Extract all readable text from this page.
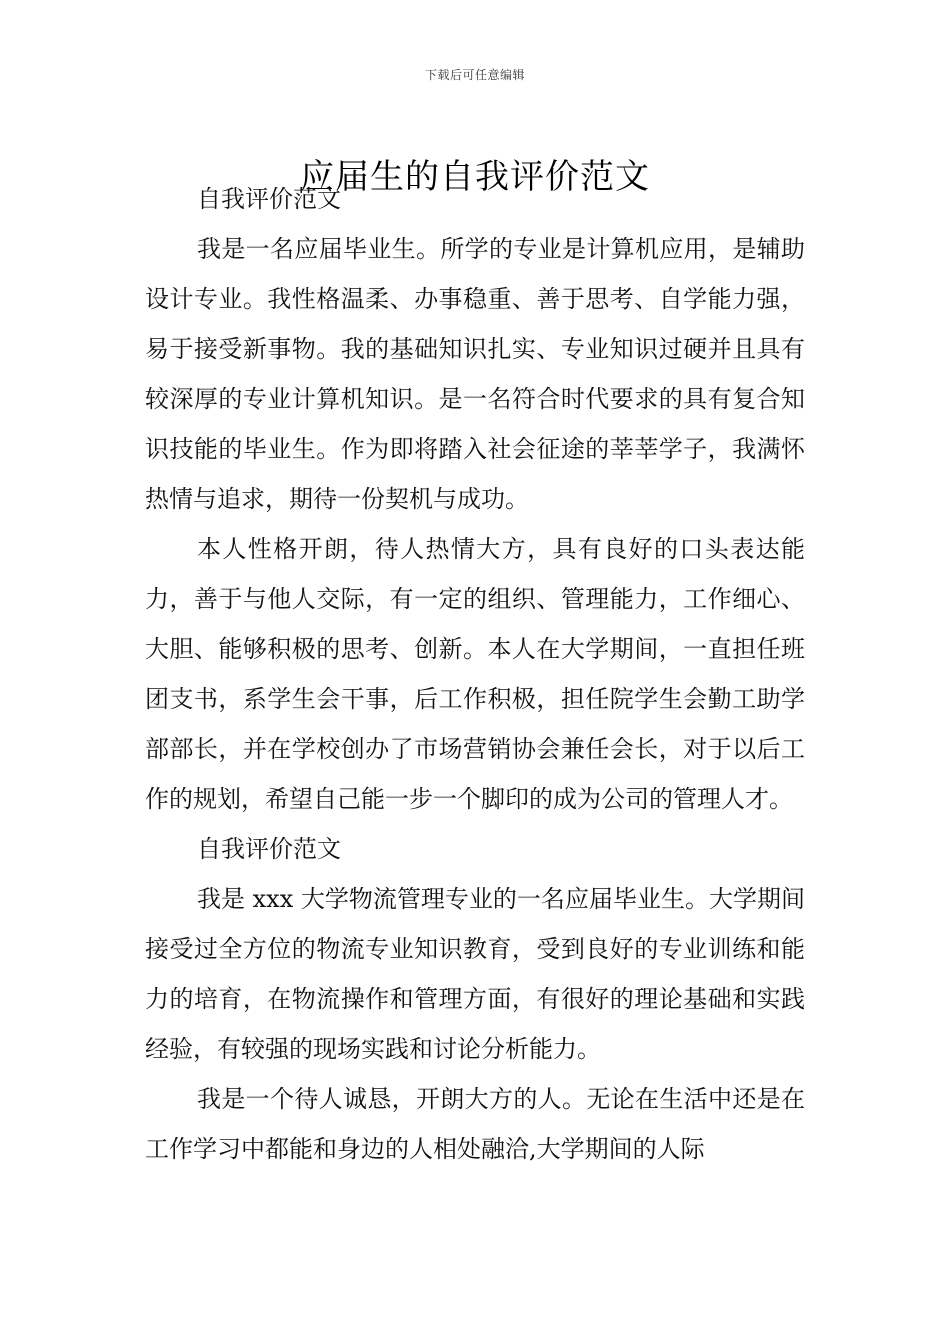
下载后可任意编辑
应届生的自我评价范文

自我评价范文

我是一名应届毕业生。所学的专业是计算机应用，是辅助设计专业。我性格温柔、办事稳重、善于思考、自学能力强，易于接受新事物。我的基础知识扎实、专业知识过硬并且具有较深厚的专业计算机知识。是一名符合时代要求的具有复合知识技能的毕业生。作为即将踏入社会征途的莘莘学子，我满怀热情与追求，期待一份契机与成功。

本人性格开朗，待人热情大方，具有良好的口头表达能力，善于与他人交际，有一定的组织、管理能力，工作细心、大胆、能够积极的思考、创新。本人在大学期间，一直担任班团支书，系学生会干事，后工作积极，担任院学生会勤工助学部部长，并在学校创办了市场营销协会兼任会长，对于以后工作的规划，希望自己能一步一个脚印的成为公司的管理人才。

自我评价范文

我是 xxx 大学物流管理专业的一名应届毕业生。大学期间接受过全方位的物流专业知识教育，受到良好的专业训练和能力的培育，在物流操作和管理方面，有很好的理论基础和实践经验，有较强的现场实践和讨论分析能力。

我是一个待人诚恳，开朗大方的人。无论在生活中还是在工作学习中都能和身边的人相处融洽,大学期间的人际
